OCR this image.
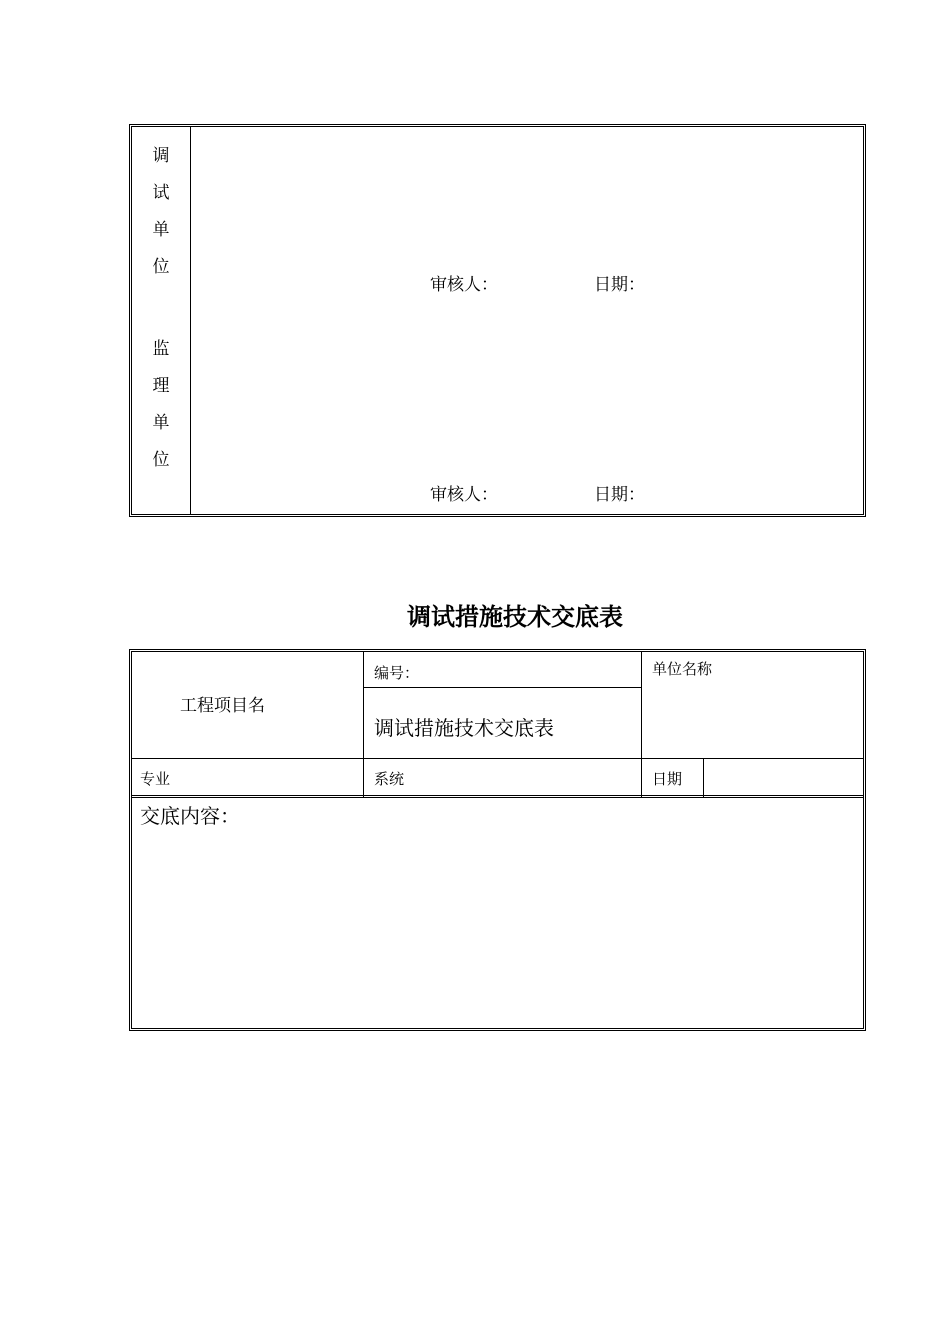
调
试
单
位
监
理
单
位
审核人：	日期：
审核人：	日期：
调试措施技术交底表
工程项目名
编号：
调试措施技术交底表
单位名称
专业	系统	日期
交底内容：
